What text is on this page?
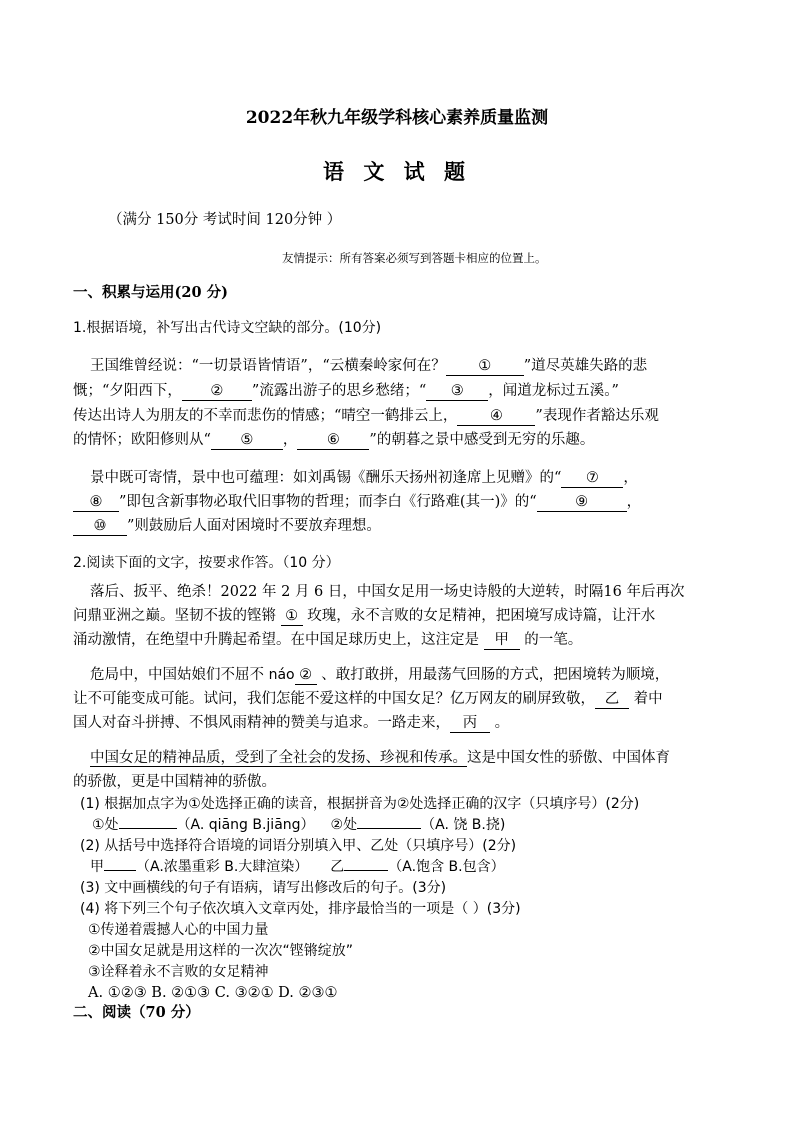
2022年秋九年级学科核心素养质量监测
语 文 试 题
（满分 150分 考试时间 120分钟 ）
友情提示：所有答案必须写到答题卡相应的位置上。
一、积累与运用(20 分)
1.根据语境，补写出古代诗文空缺的部分。(10分)
王国维曾经说：“一切景语皆情语”，“云横秦岭家何在？ ① ”道尽英雄失路的悲
慨；“夕阳西下， ② ”流露出游子的思乡愁绪；“ ③ ，闻道龙标过五溪。”
传达出诗人为朋友的不幸而悲伤的情感；“晴空一鹤排云上， ④ ”表现作者豁达乐观
的情怀；欧阳修则从“ ⑤ ， ⑥ ”的朝暮之景中感受到无穷的乐趣。
景中既可寄情，景中也可蕴理：如刘禹锡《酬乐天扬州初逢席上见赠》的“ ⑦ ，
⑧ ”即包含新事物必取代旧事物的哲理；而李白《行路难(其一)》的“	⑨	，
⑩ ”则鼓励后人面对困境时不要放弃理想。
2.阅读下面的文字，按要求作答。（10 分）
落后、扳平、绝杀！2022 年 2 月 6 日，中国女足用一场史诗般的大逆转，时隔16 年后再次
问鼎亚洲之巅。坚韧不拔的铿锵 ① 玫瑰，永不言败的女足精神，把困境写成诗篇，让汗水
涌动激情，在绝望中升腾起希望。在中国足球历史上，这注定是 甲 的一笔。
危局中，中国姑娘们不屈不 náo ② 、敢打敢拼，用最荡气回肠的方式，把困境转为顺境，
让不可能变成可能。试问，我们怎能不爱这样的中国女足？亿万网友的刷屏致敬， 乙 着中
国人对奋斗拼搏、不惧风雨精神的赞美与追求。一路走来， 丙 。
中国女足的精神品质，受到了全社会的发扬、珍视和传承。这是中国女性的骄傲、中国体育
的骄傲，更是中国精神的骄傲。
(1) 根据加点字为①处选择正确的读音，根据拼音为②处选择正确的汉字（只填序号）(2分)
①处	（A. qiāng B.jiāng） ②处	（A. 饶 B.挠)
(2) 从括号中选择符合语境的词语分别填入甲、乙处（只填序号）(2分)
甲 （A.浓墨重彩 B.大肆渲染） 乙	（A.饱含 B.包含）
(3) 文中画横线的句子有语病，请写出修改后的句子。(3分)
(4) 将下列三个句子依次填入文章丙处，排序最恰当的一项是（ ）(3分)
①传递着震撼人心的中国力量
②中国女足就是用这样的一次次“铿锵绽放”
③诠释着永不言败的女足精神
A. ①②③ B. ②①③ C. ③②① D. ②③①
二、阅读（70 分）
